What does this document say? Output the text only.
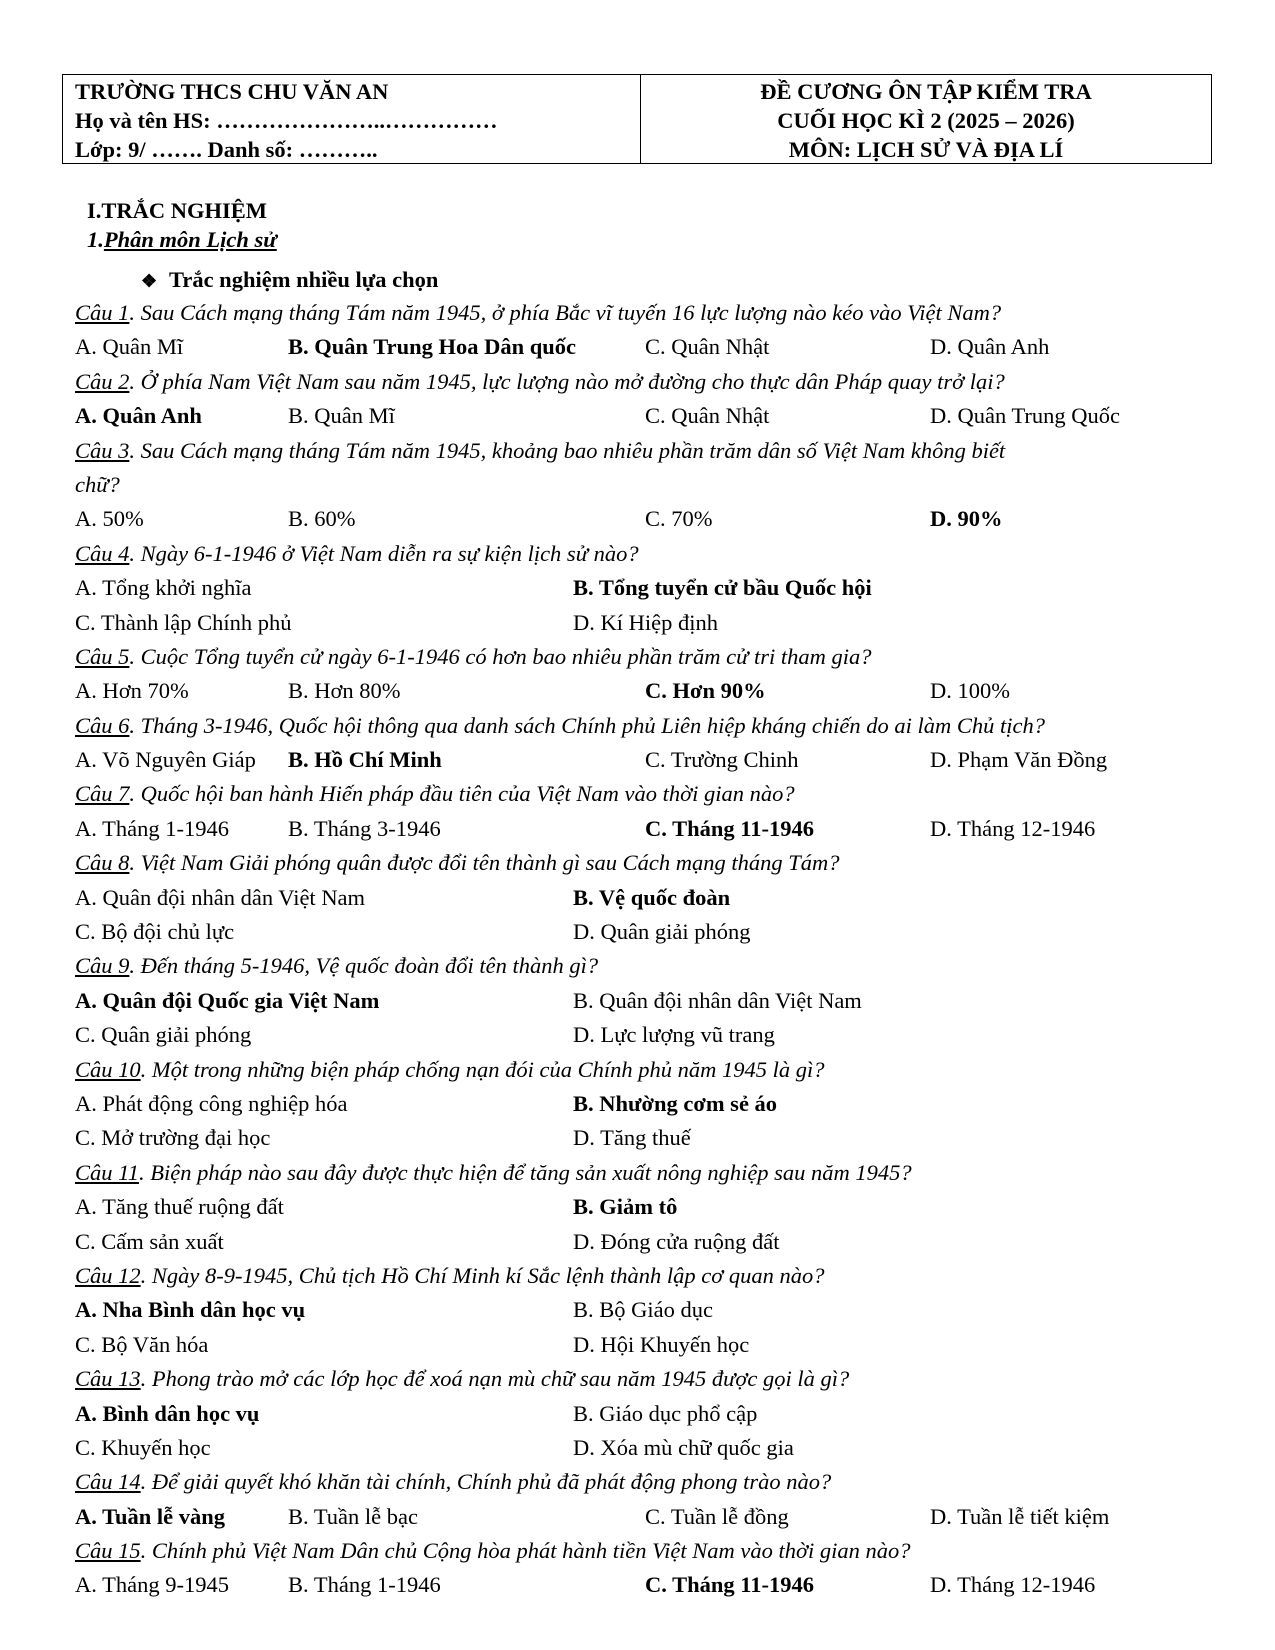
TRƯỜNG THCS CHU VĂN AN
Họ và tên HS: …………………..……………
Lớp: 9/ ……. Danh số: ………..
ĐỀ CƯƠNG ÔN TẬP KIỂM TRA
CUỐI HỌC KÌ 2 (2025 – 2026)
MÔN: LỊCH SỬ VÀ ĐỊA LÍ
I.TRẮC NGHIỆM
1.Phân môn Lịch sử
❖ Trắc nghiệm nhiều lựa chọn
Câu 1. Sau Cách mạng tháng Tám năm 1945, ở phía Bắc vĩ tuyến 16 lực lượng nào kéo vào Việt Nam?
A. Quân Mĩ	B. Quân Trung Hoa Dân quốc	C. Quân Nhật	D. Quân Anh
Câu 2. Ở phía Nam Việt Nam sau năm 1945, lực lượng nào mở đường cho thực dân Pháp quay trở lại?
A. Quân Anh	B. Quân Mĩ	C. Quân Nhật	D. Quân Trung Quốc
Câu 3. Sau Cách mạng tháng Tám năm 1945, khoảng bao nhiêu phần trăm dân số Việt Nam không biết
chữ?
A. 50%	B. 60%	C. 70%	D. 90%
Câu 4. Ngày 6-1-1946 ở Việt Nam diễn ra sự kiện lịch sử nào?
A. Tổng khởi nghĩa	B. Tổng tuyển cử bầu Quốc hội
C. Thành lập Chính phủ	D. Kí Hiệp định
Câu 5. Cuộc Tổng tuyển cử ngày 6-1-1946 có hơn bao nhiêu phần trăm cử tri tham gia?
A. Hơn 70%	B. Hơn 80%	C. Hơn 90%	D. 100%
Câu 6. Tháng 3-1946, Quốc hội thông qua danh sách Chính phủ Liên hiệp kháng chiến do ai làm Chủ tịch?
A. Võ Nguyên Giáp B. Hồ Chí Minh	C. Trường Chinh	D. Phạm Văn Đồng
Câu 7. Quốc hội ban hành Hiến pháp đầu tiên của Việt Nam vào thời gian nào?
A. Tháng 1-1946	B. Tháng 3-1946	C. Tháng 11-1946	D. Tháng 12-1946
Câu 8. Việt Nam Giải phóng quân được đổi tên thành gì sau Cách mạng tháng Tám?
A. Quân đội nhân dân Việt Nam	B. Vệ quốc đoàn
C. Bộ đội chủ lực	D. Quân giải phóng
Câu 9. Đến tháng 5-1946, Vệ quốc đoàn đổi tên thành gì?
A. Quân đội Quốc gia Việt Nam	B. Quân đội nhân dân Việt Nam
C. Quân giải phóng	D. Lực lượng vũ trang
Câu 10. Một trong những biện pháp chống nạn đói của Chính phủ năm 1945 là gì?
A. Phát động công nghiệp hóa	B. Nhường cơm sẻ áo
C. Mở trường đại học	D. Tăng thuế
Câu 11. Biện pháp nào sau đây được thực hiện để tăng sản xuất nông nghiệp sau năm 1945?
A. Tăng thuế ruộng đất	B. Giảm tô
C. Cấm sản xuất	D. Đóng cửa ruộng đất
Câu 12. Ngày 8-9-1945, Chủ tịch Hồ Chí Minh kí Sắc lệnh thành lập cơ quan nào?
A. Nha Bình dân học vụ	B. Bộ Giáo dục
C. Bộ Văn hóa	D. Hội Khuyến học
Câu 13. Phong trào mở các lớp học để xoá nạn mù chữ sau năm 1945 được gọi là gì?
A. Bình dân học vụ	B. Giáo dục phổ cập
C. Khuyến học	D. Xóa mù chữ quốc gia
Câu 14. Để giải quyết khó khăn tài chính, Chính phủ đã phát động phong trào nào?
A. Tuần lễ vàng	B. Tuần lễ bạc	C. Tuần lễ đồng	D. Tuần lễ tiết kiệm
Câu 15. Chính phủ Việt Nam Dân chủ Cộng hòa phát hành tiền Việt Nam vào thời gian nào?
A. Tháng 9-1945	B. Tháng 1-1946	C. Tháng 11-1946	D. Tháng 12-1946
